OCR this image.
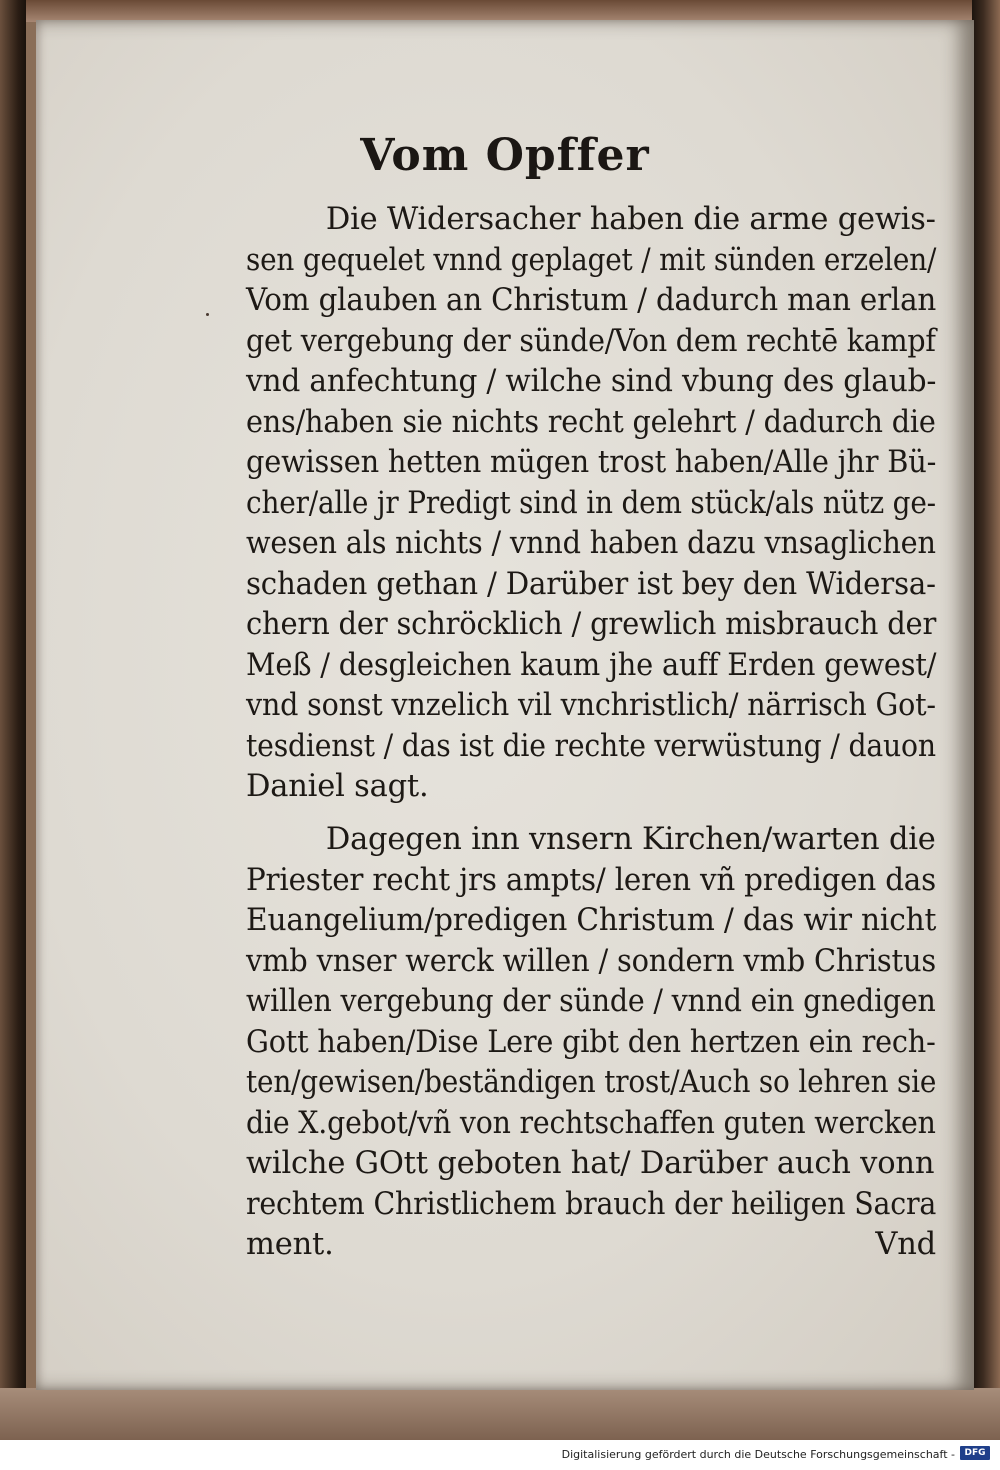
Vom Opffer
Die Widersacher haben die arme gewis-
sen gequelet vnnd geplaget / mit sünden erzelen/
Vom glauben an Christum / dadurch man erlan
get vergebung der sünde/Von dem rechtē kampf
vnd anfechtung / wilche sind vbung des glaub-
ens/haben sie nichts recht gelehrt / dadurch die
gewissen hetten mügen trost haben/Alle jhr Bü-
cher/alle jr Predigt sind in dem stück/als nütz ge-
wesen als nichts / vnnd haben dazu vnsaglichen
schaden gethan / Darüber ist bey den Widersa-
chern der schröcklich / grewlich misbrauch der
Meß / desgleichen kaum jhe auff Erden gewest/
vnd sonst vnzelich vil vnchristlich/ närrisch Got-
tesdienst / das ist die rechte verwüstung / dauon
Daniel sagt.
Dagegen inn vnsern Kirchen/warten die
Priester recht jrs ampts/ leren vñ predigen das
Euangelium/predigen Christum / das wir nicht
vmb vnser werck willen / sondern vmb Christus
willen vergebung der sünde / vnnd ein gnedigen
Gott haben/Dise Lere gibt den hertzen ein rech-
ten/gewisen/beständigen trost/Auch so lehren sie
die X.gebot/vñ von rechtschaffen guten wercken
wilche GOtt geboten hat/ Darüber auch vonn
rechtem Christlichem brauch der heiligen Sacra
ment.	Vnd
Digitalisierung gefördert durch die Deutsche Forschungsgemeinschaft -	DFG
